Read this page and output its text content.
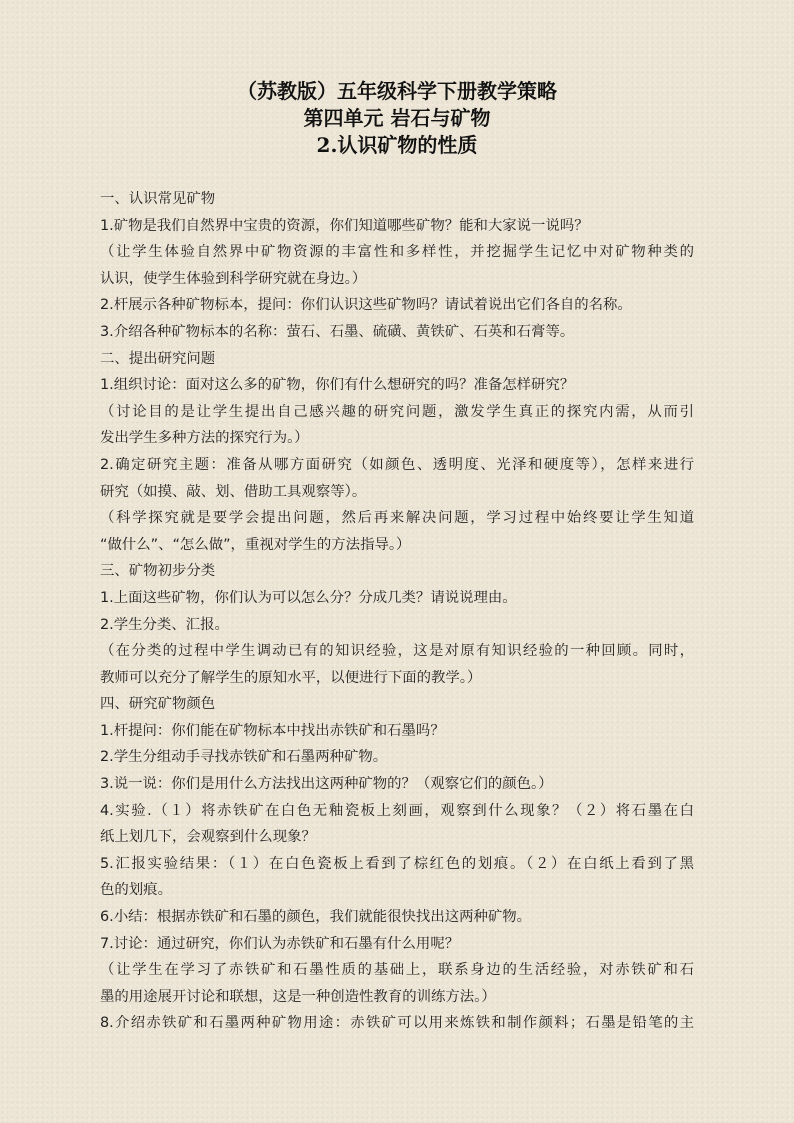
（苏教版）五年级科学下册教学策略
第四单元 岩石与矿物
2.认识矿物的性质
一、认识常见矿物
1.矿物是我们自然界中宝贵的资源，你们知道哪些矿物？能和大家说一说吗？
（让学生体验自然界中矿物资源的丰富性和多样性，并挖掘学生记忆中对矿物种类的
认识，使学生体验到科学研究就在身边。）
2.杆展示各种矿物标本，提问：你们认识这些矿物吗？请试着说出它们各自的名称。
3.介绍各种矿物标本的名称：萤石、石墨、硫磺、黄铁矿、石英和石膏等。
二、提出研究问题
1.组织讨论：面对这么多的矿物，你们有什么想研究的吗？准备怎样研究？
（讨论目的是让学生提出自己感兴趣的研究问题，激发学生真正的探究内需，从而引
发出学生多种方法的探究行为。）
2.确定研究主题：准备从哪方面研究（如颜色、透明度、光泽和硬度等），怎样来进行
研究（如摸、敲、划、借助工具观察等）。
（科学探究就是要学会提出问题，然后再来解决问题，学习过程中始终要让学生知道
“做什么”、“怎么做”，重视对学生的方法指导。）
三、矿物初步分类
1.上面这些矿物，你们认为可以怎么分？分成几类？请说说理由。
2.学生分类、汇报。
（在分类的过程中学生调动已有的知识经验，这是对原有知识经验的一种回顾。同时，
教师可以充分了解学生的原知水平，以便进行下面的教学。）
四、研究矿物颜色
1.杆提问：你们能在矿物标本中找出赤铁矿和石墨吗？
2.学生分组动手寻找赤铁矿和石墨两种矿物。
3.说一说：你们是用什么方法找出这两种矿物的？（观察它们的颜色。）
4.实验.（１）将赤铁矿在白色无釉瓷板上刻画，观察到什么现象？（２）将石墨在白
纸上划几下，会观察到什么现象？
5.汇报实验结果：（１）在白色瓷板上看到了棕红色的划痕。（２）在白纸上看到了黑
色的划痕。
6.小结：根据赤铁矿和石墨的颜色，我们就能很快找出这两种矿物。
7.讨论：通过研究，你们认为赤铁矿和石墨有什么用呢？
（让学生在学习了赤铁矿和石墨性质的基础上，联系身边的生活经验，对赤铁矿和石
墨的用途展开讨论和联想，这是一种创造性教育的训练方法。）
8.介绍赤铁矿和石墨两种矿物用途：赤铁矿可以用来炼铁和制作颜料；石墨是铅笔的主
